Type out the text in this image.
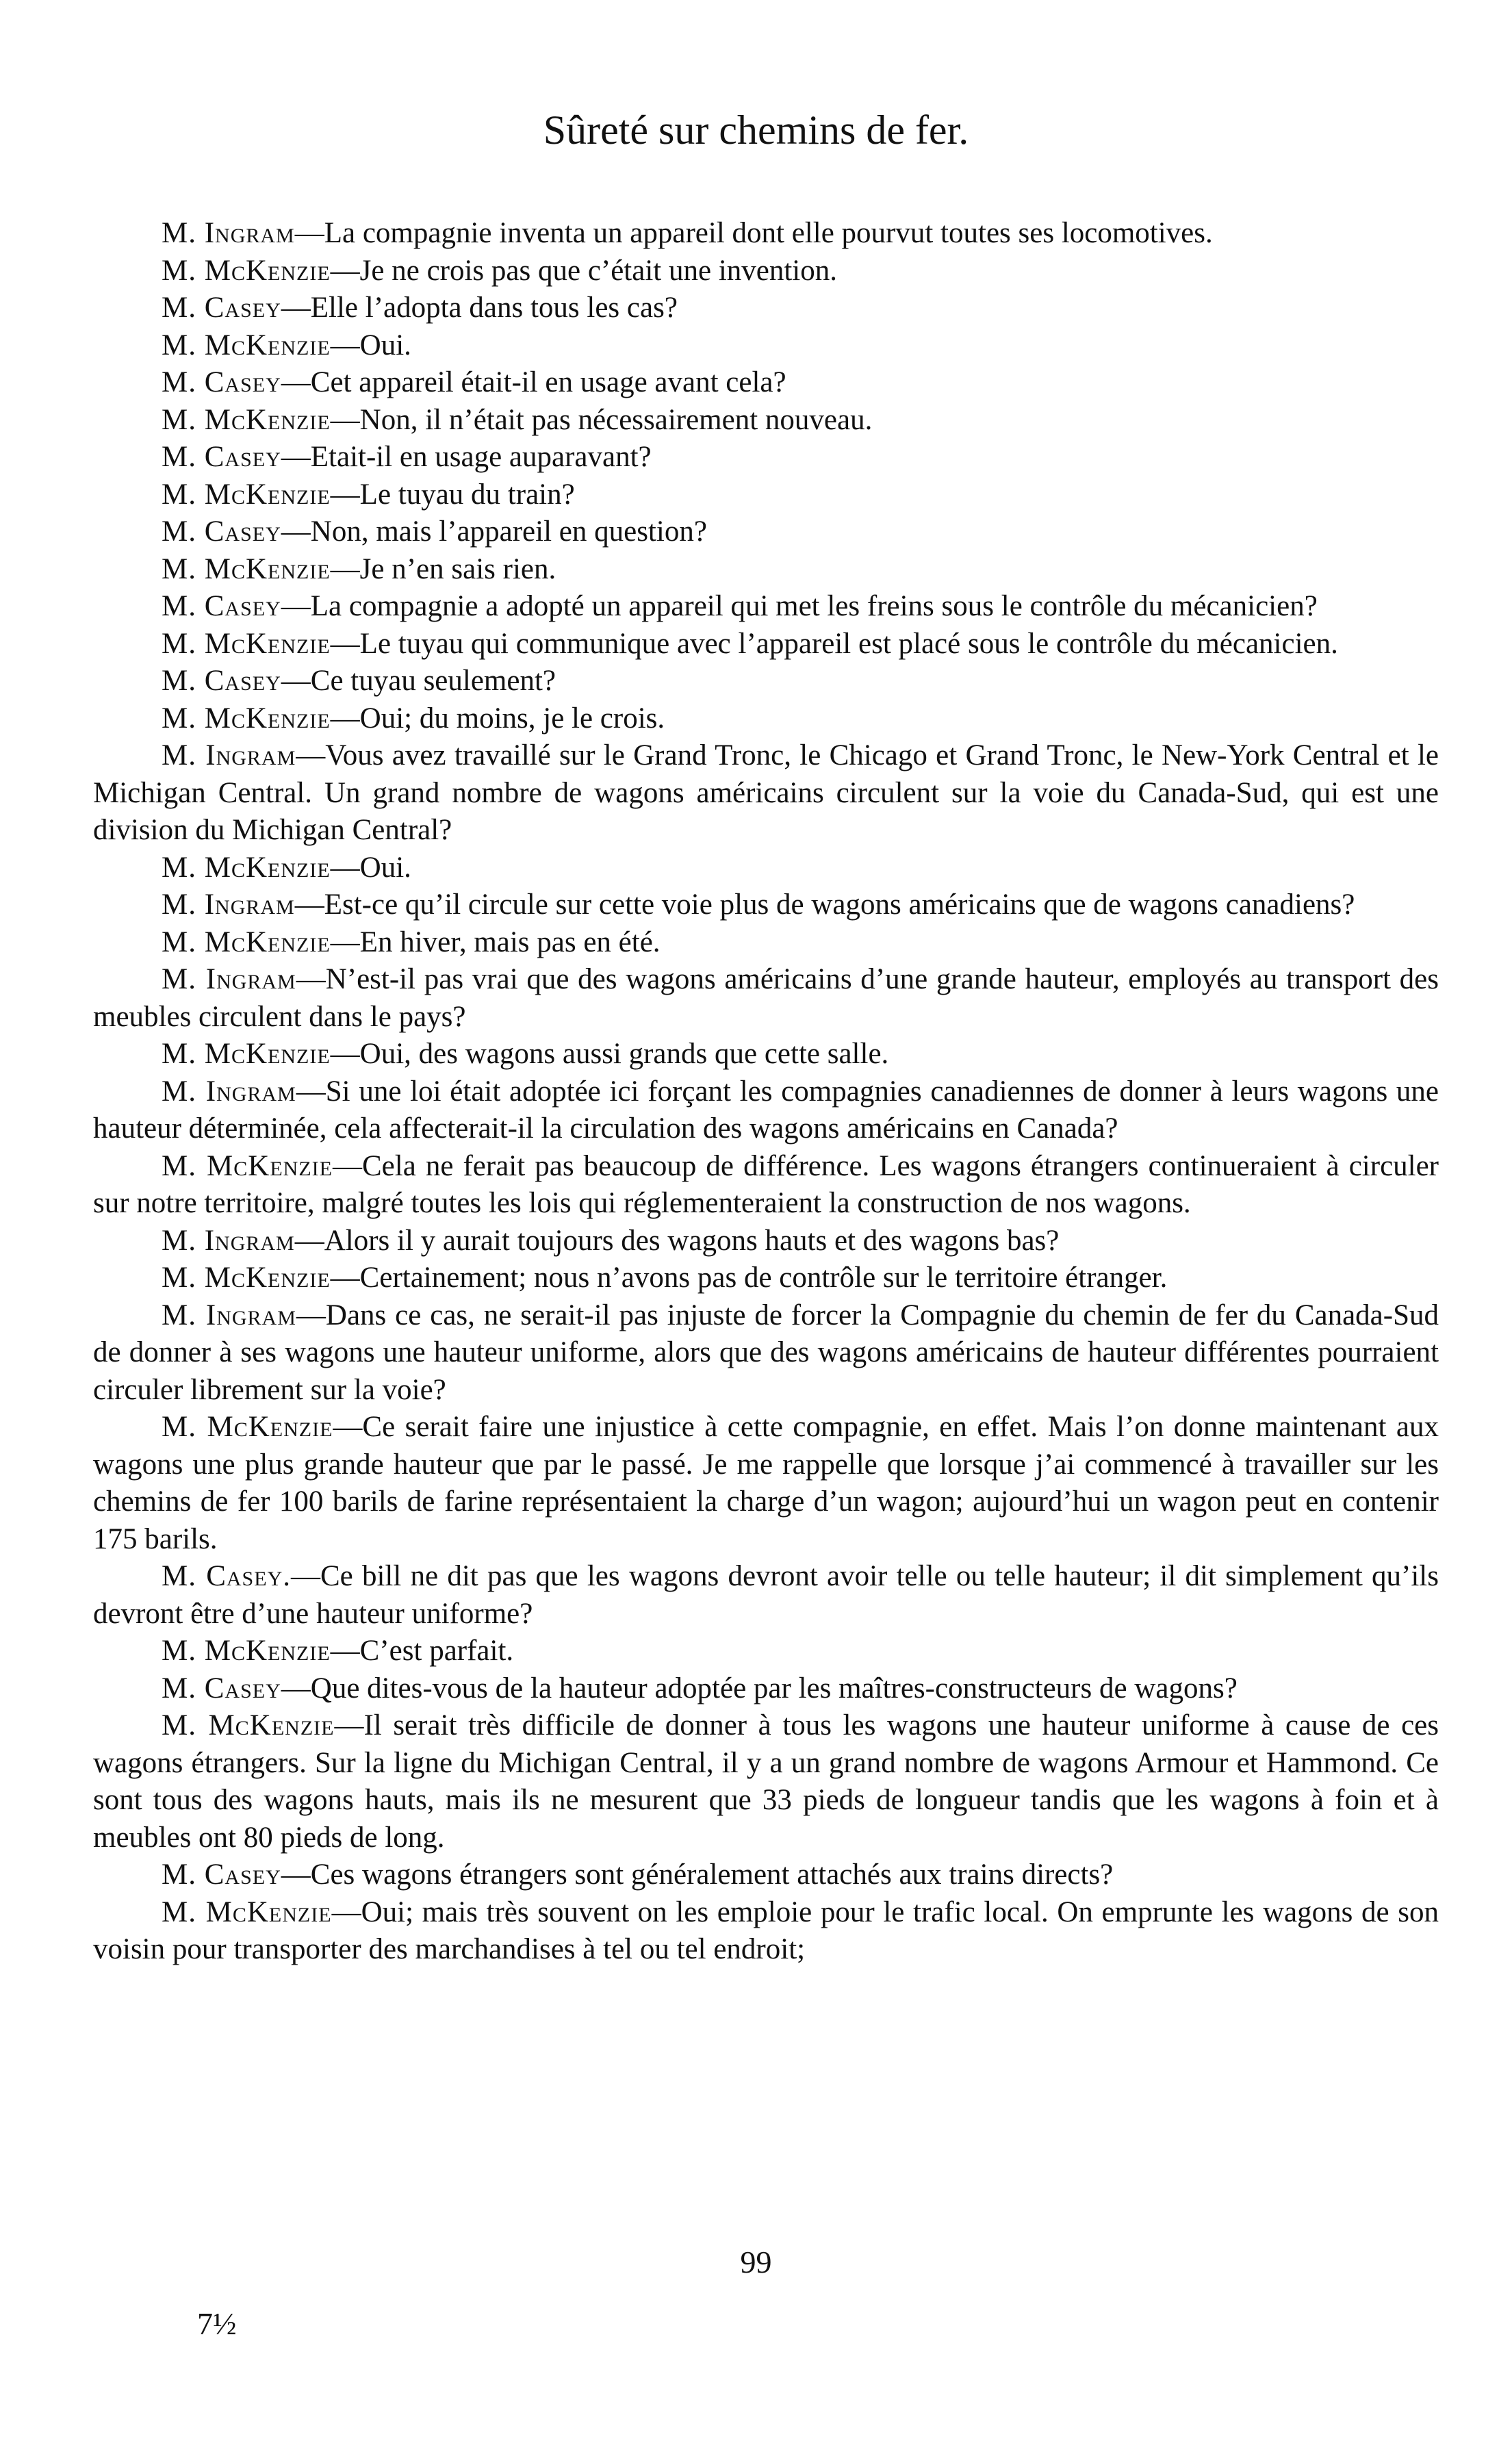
Sûreté sur chemins de fer.

M. Ingram—La compagnie inventa un appareil dont elle pourvut toutes ses locomotives.

M. McKenzie—Je ne crois pas que c’était une invention.

M. Casey—Elle l’adopta dans tous les cas?

M. McKenzie—Oui.

M. Casey—Cet appareil était-il en usage avant cela?

M. McKenzie—Non, il n’était pas nécessairement nouveau.

M. Casey—Etait-il en usage auparavant?

M. McKenzie—Le tuyau du train?

M. Casey—Non, mais l’appareil en question?

M. McKenzie—Je n’en sais rien.

M. Casey—La compagnie a adopté un appareil qui met les freins sous le contrôle du mécanicien?

M. McKenzie—Le tuyau qui communique avec l’appareil est placé sous le contrôle du mécanicien.

M. Casey—Ce tuyau seulement?

M. McKenzie—Oui; du moins, je le crois.

M. Ingram—Vous avez travaillé sur le Grand Tronc, le Chicago et Grand Tronc, le New-York Central et le Michigan Central. Un grand nombre de wagons américains circulent sur la voie du Canada-Sud, qui est une division du Michigan Central?

M. McKenzie—Oui.

M. Ingram—Est-ce qu’il circule sur cette voie plus de wagons américains que de wagons canadiens?

M. McKenzie—En hiver, mais pas en été.

M. Ingram—N’est-il pas vrai que des wagons américains d’une grande hauteur, employés au transport des meubles circulent dans le pays?

M. McKenzie—Oui, des wagons aussi grands que cette salle.

M. Ingram—Si une loi était adoptée ici forçant les compagnies canadiennes de donner à leurs wagons une hauteur déterminée, cela affecterait-il la circulation des wagons américains en Canada?

M. McKenzie—Cela ne ferait pas beaucoup de différence. Les wagons étrangers continueraient à circuler sur notre territoire, malgré toutes les lois qui réglementeraient la construction de nos wagons.

M. Ingram—Alors il y aurait toujours des wagons hauts et des wagons bas?

M. McKenzie—Certainement; nous n’avons pas de contrôle sur le territoire étranger.

M. Ingram—Dans ce cas, ne serait-il pas injuste de forcer la Compagnie du chemin de fer du Canada-Sud de donner à ses wagons une hauteur uniforme, alors que des wagons américains de hauteur différentes pourraient circuler librement sur la voie?

M. McKenzie—Ce serait faire une injustice à cette compagnie, en effet. Mais l’on donne maintenant aux wagons une plus grande hauteur que par le passé. Je me rappelle que lorsque j’ai commencé à travailler sur les chemins de fer 100 barils de farine représentaient la charge d’un wagon; aujourd’hui un wagon peut en contenir 175 barils.

M. Casey.—Ce bill ne dit pas que les wagons devront avoir telle ou telle hauteur; il dit simplement qu’ils devront être d’une hauteur uniforme?

M. McKenzie—C’est parfait.

M. Casey—Que dites-vous de la hauteur adoptée par les maîtres-constructeurs de wagons?

M. McKenzie—Il serait très difficile de donner à tous les wagons une hauteur uniforme à cause de ces wagons étrangers. Sur la ligne du Michigan Central, il y a un grand nombre de wagons Armour et Hammond. Ce sont tous des wagons hauts, mais ils ne mesurent que 33 pieds de longueur tandis que les wagons à foin et à meubles ont 80 pieds de long.

M. Casey—Ces wagons étrangers sont généralement attachés aux trains directs?

M. McKenzie—Oui; mais très souvent on les emploie pour le trafic local. On emprunte les wagons de son voisin pour transporter des marchandises à tel ou tel endroit;

99
7½
